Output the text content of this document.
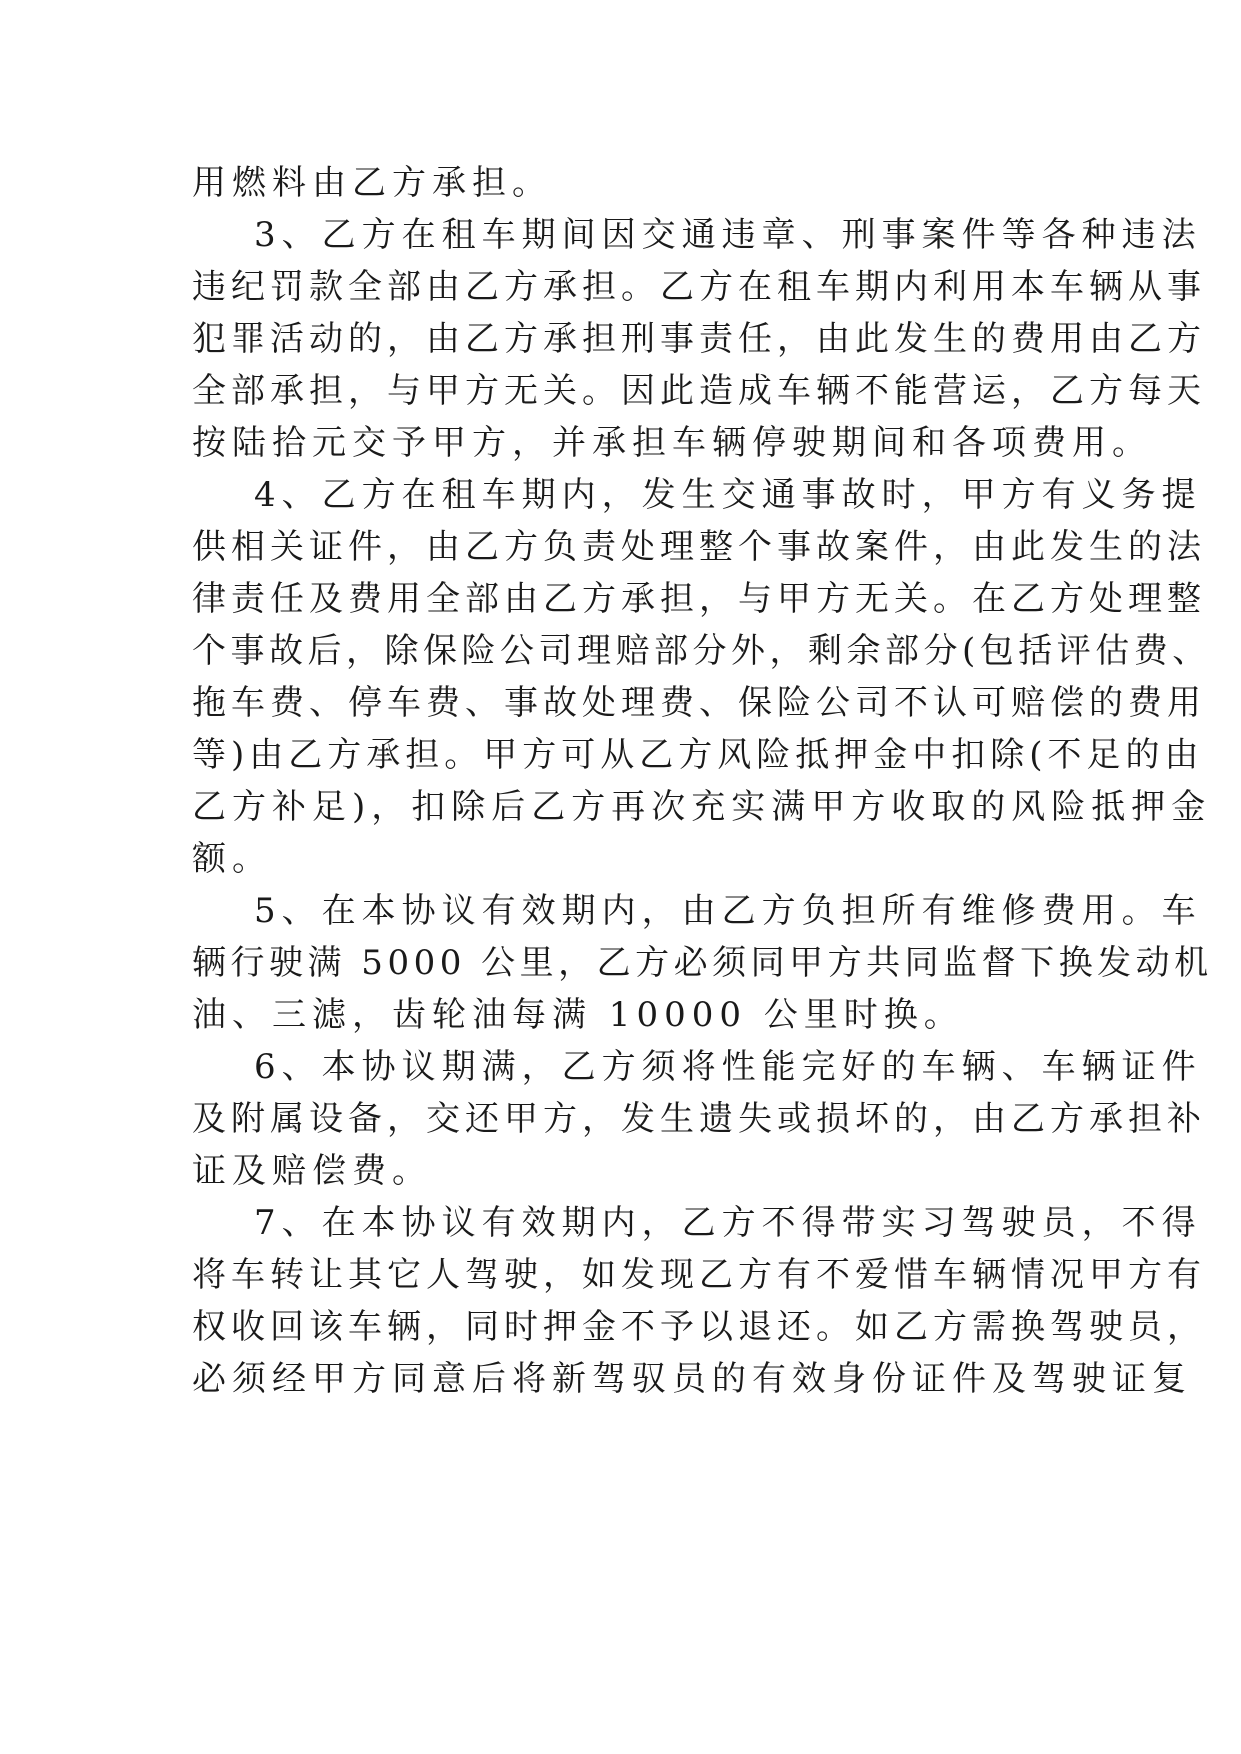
用燃料由乙方承担。
3、乙方在租车期间因交通违章、刑事案件等各种违法
违纪罚款全部由乙方承担。乙方在租车期内利用本车辆从事
犯罪活动的，由乙方承担刑事责任，由此发生的费用由乙方
全部承担，与甲方无关。因此造成车辆不能营运，乙方每天
按陆拾元交予甲方，并承担车辆停驶期间和各项费用。
4、乙方在租车期内，发生交通事故时，甲方有义务提
供相关证件，由乙方负责处理整个事故案件，由此发生的法
律责任及费用全部由乙方承担，与甲方无关。在乙方处理整
个事故后，除保险公司理赔部分外，剩余部分(包括评估费、
拖车费、停车费、事故处理费、保险公司不认可赔偿的费用
等)由乙方承担。甲方可从乙方风险抵押金中扣除(不足的由
乙方补足)，扣除后乙方再次充实满甲方收取的风险抵押金
额。
5、在本协议有效期内，由乙方负担所有维修费用。车
辆行驶满 5000 公里，乙方必须同甲方共同监督下换发动机
油、三滤，齿轮油每满 10000 公里时换。
6、本协议期满，乙方须将性能完好的车辆、车辆证件
及附属设备，交还甲方，发生遗失或损坏的，由乙方承担补
证及赔偿费。
7、在本协议有效期内，乙方不得带实习驾驶员，不得
将车转让其它人驾驶，如发现乙方有不爱惜车辆情况甲方有
权收回该车辆，同时押金不予以退还。如乙方需换驾驶员，
必须经甲方同意后将新驾驭员的有效身份证件及驾驶证复
